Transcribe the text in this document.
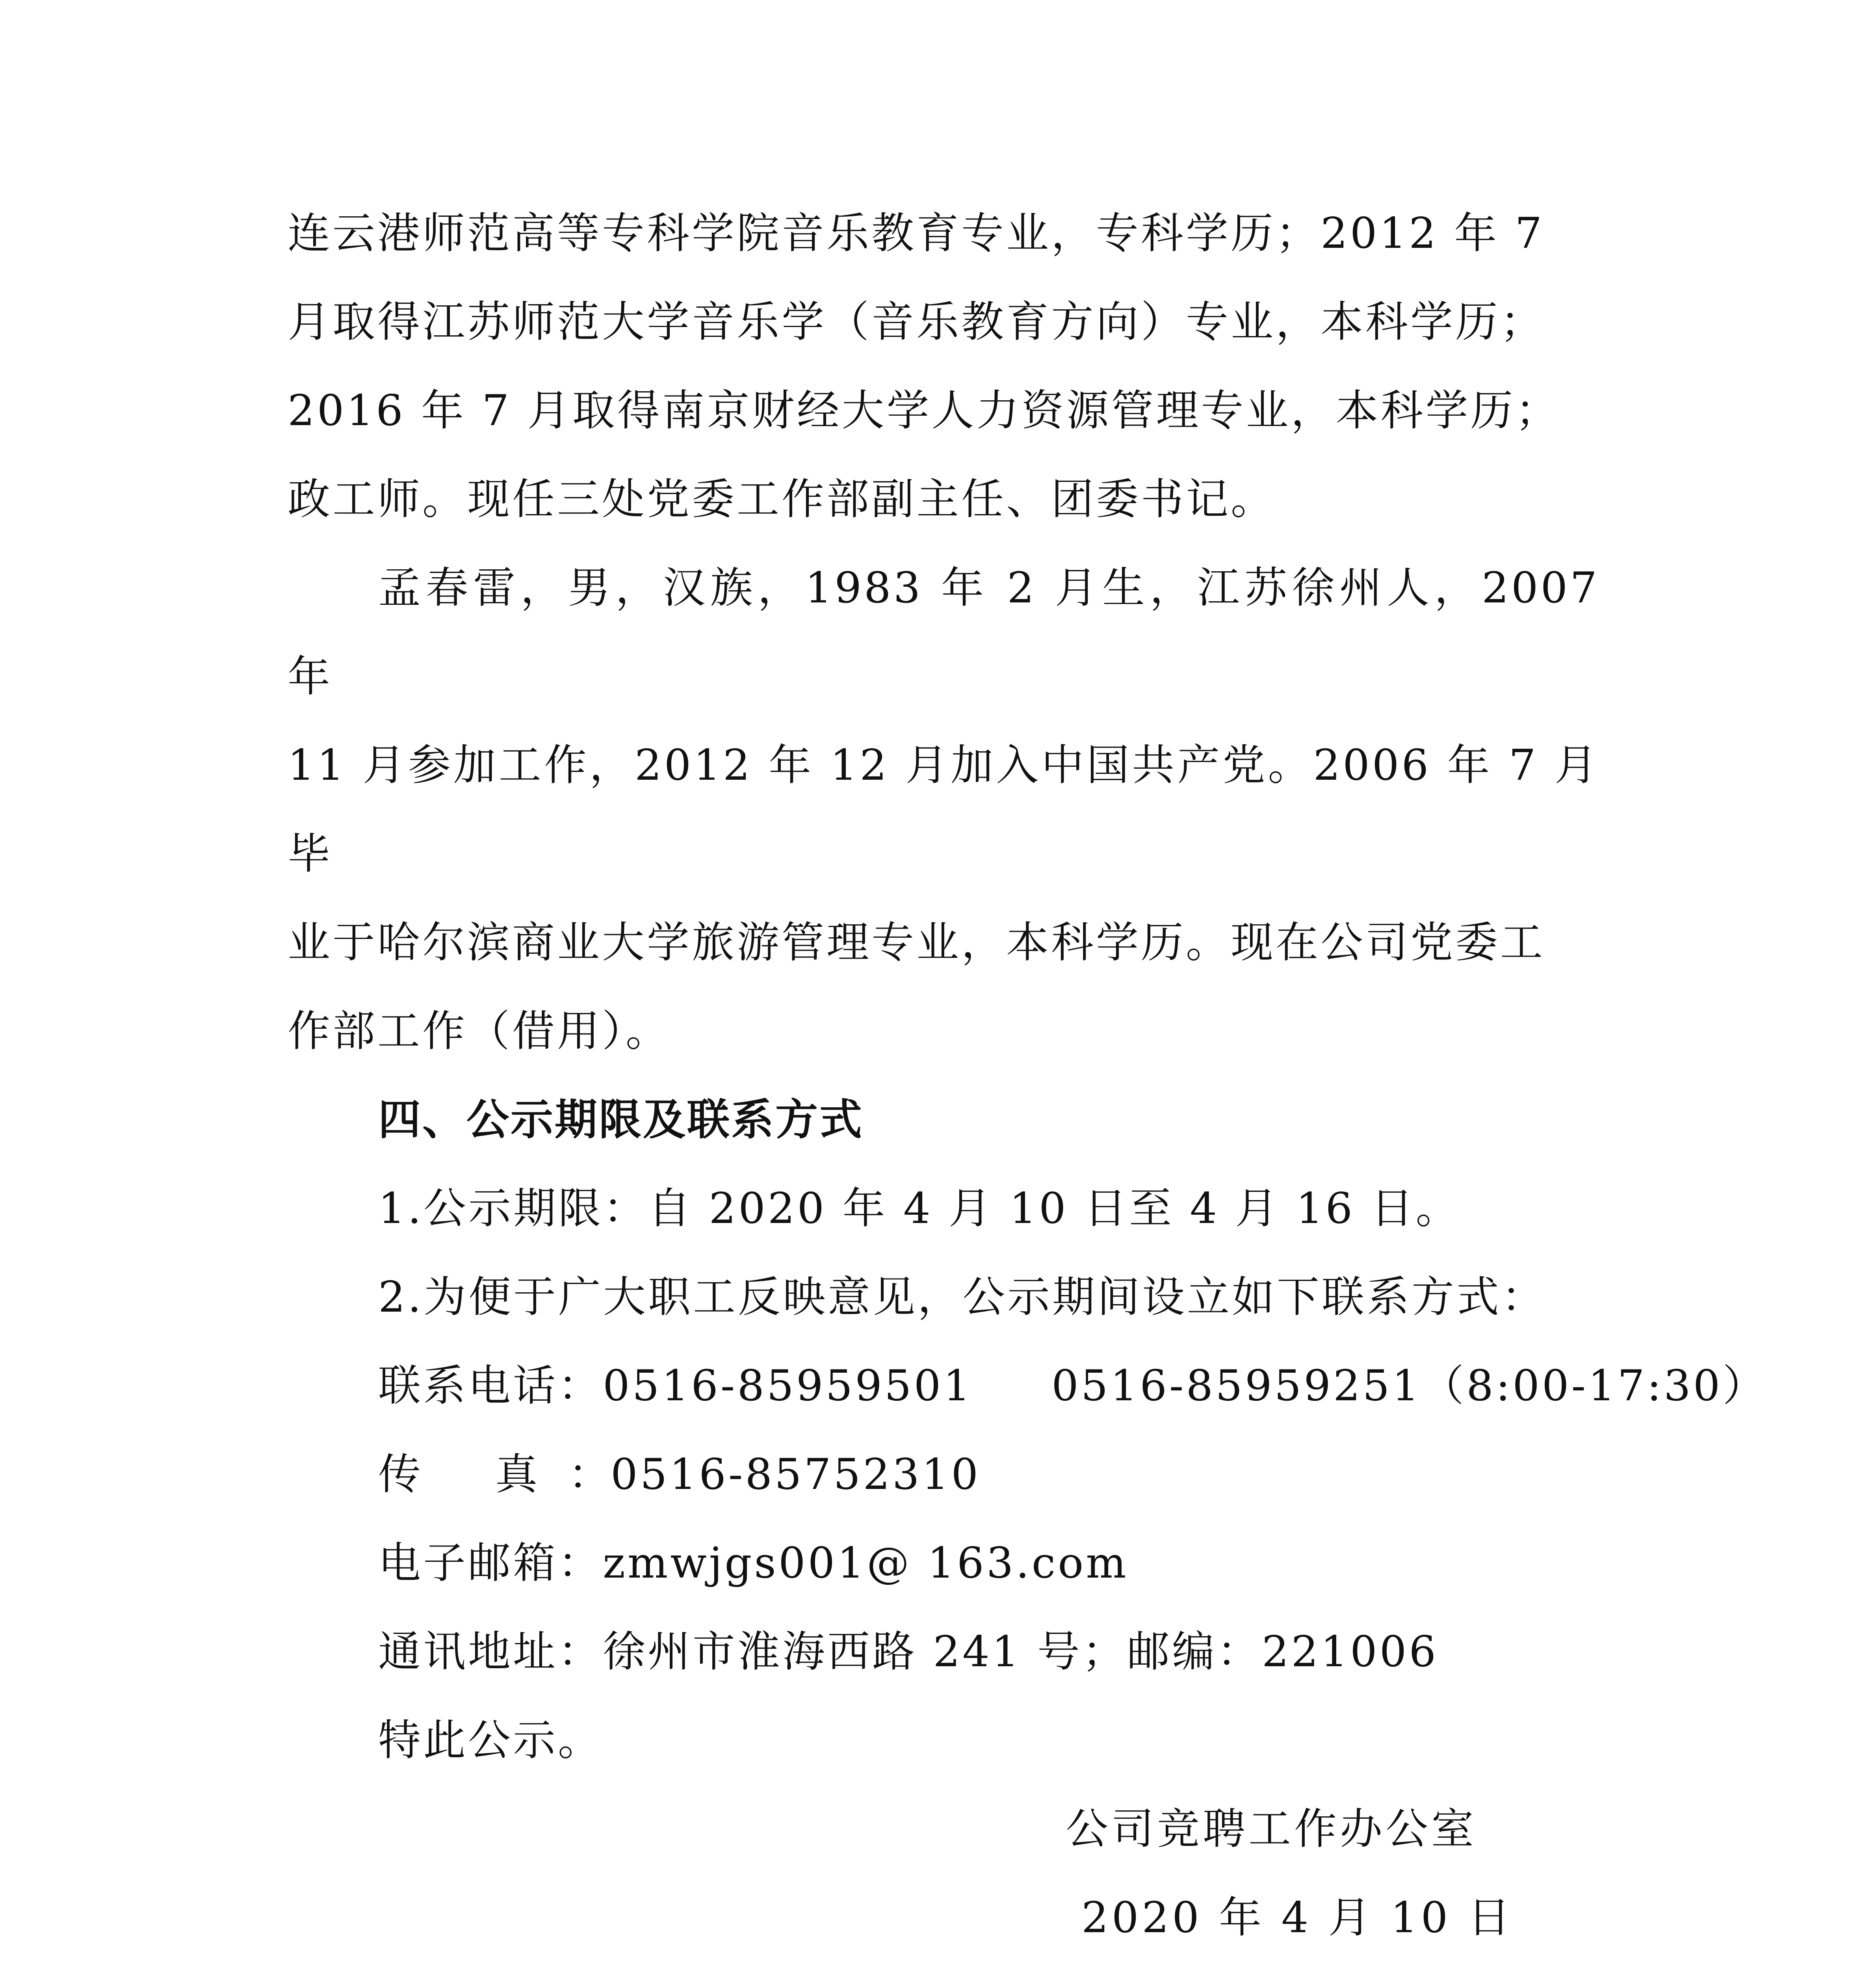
连云港师范高等专科学院音乐教育专业，专科学历；2012 年 7
月取得江苏师范大学音乐学（音乐教育方向）专业，本科学历；
2016 年 7 月取得南京财经大学人力资源管理专业，本科学历；
政工师。现任三处党委工作部副主任、团委书记。
孟春雷，男，汉族，1983 年 2 月生，江苏徐州人，2007 年
11 月参加工作，2012 年 12 月加入中国共产党。2006 年 7 月毕
业于哈尔滨商业大学旅游管理专业，本科学历。现在公司党委工
作部工作（借用）。
四、公示期限及联系方式
1.公示期限：自 2020 年 4 月 10 日至 4 月 16 日。
2.为便于广大职工反映意见，公示期间设立如下联系方式：
联系电话：0516-85959501 0516-85959251（8:00-17:30）
传 真：0516-85752310
电子邮箱：zmwjgs001@ 163.com
通讯地址：徐州市淮海西路 241 号；邮编：221006
特此公示。
公司竞聘工作办公室
2020 年 4 月 10 日
